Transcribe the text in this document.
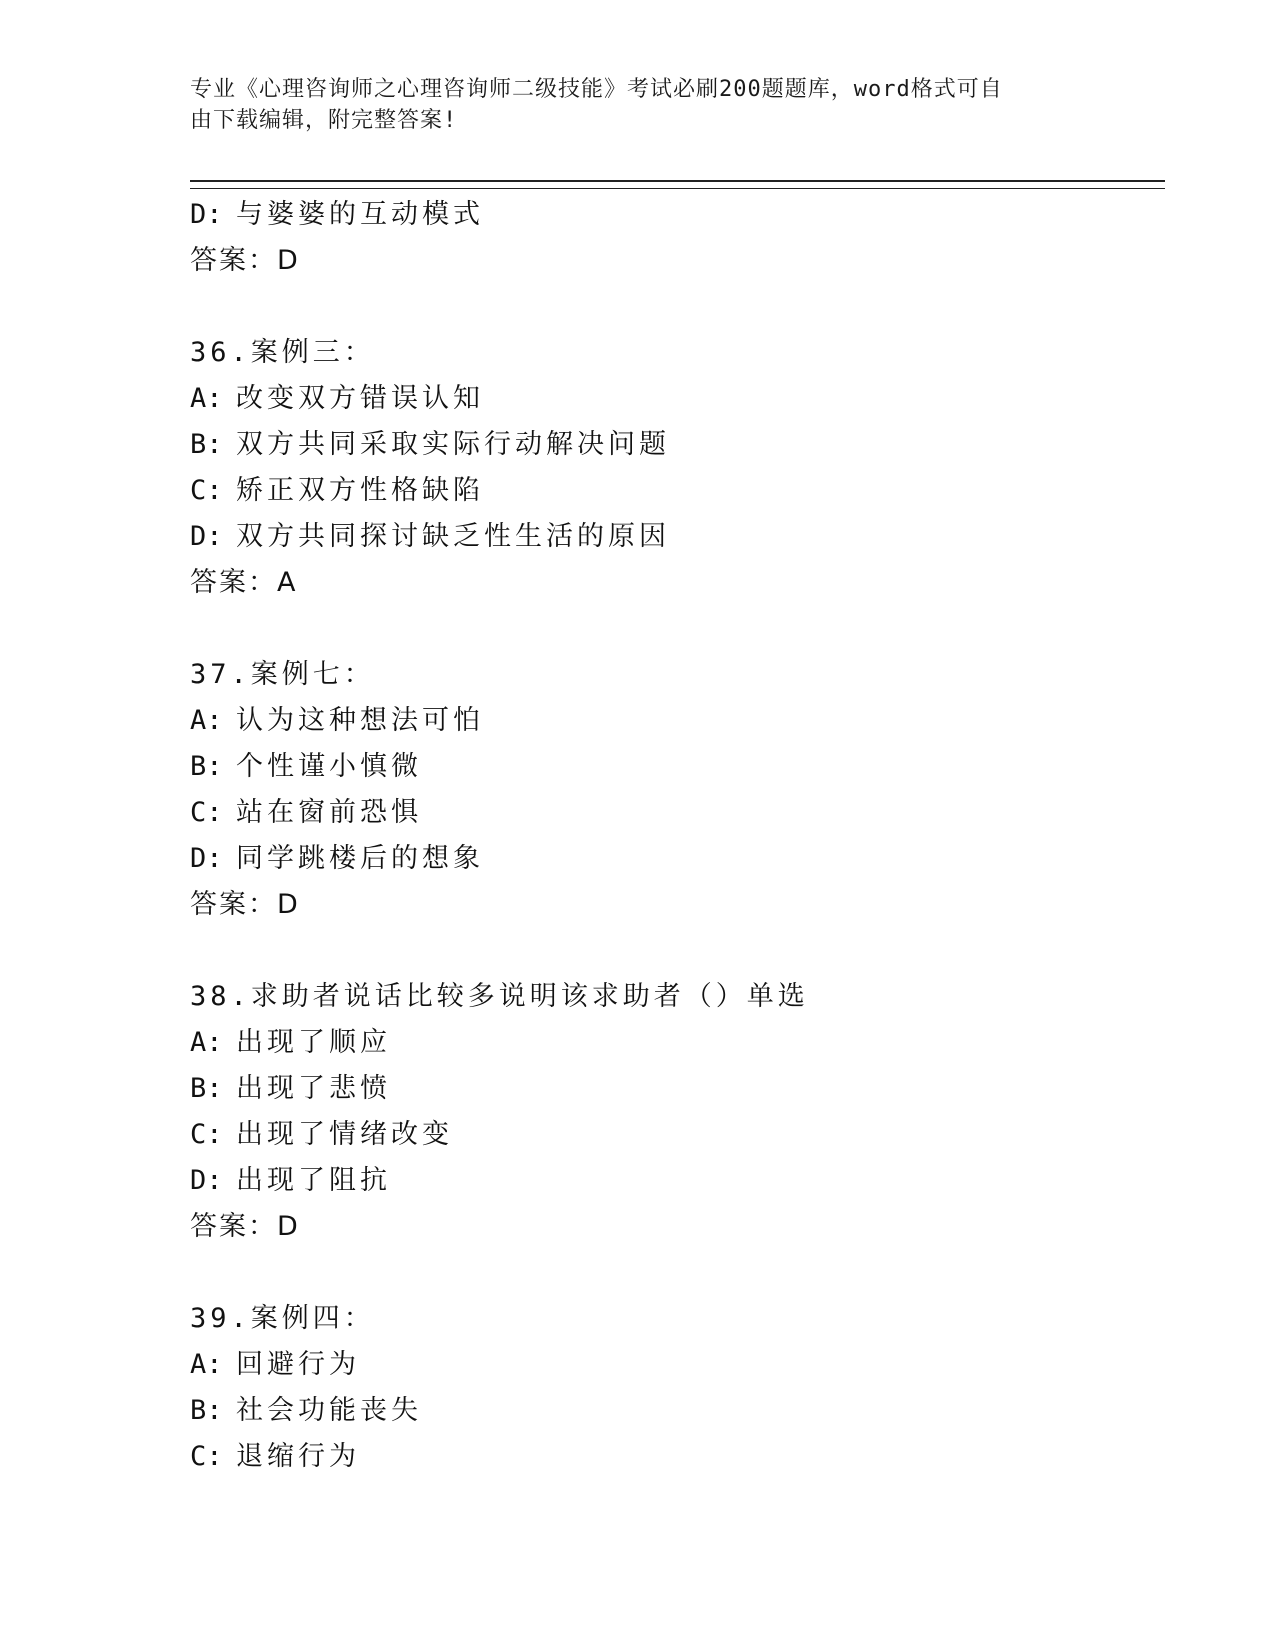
专业《心理咨询师之心理咨询师二级技能》考试必刷200题题库，word格式可自
由下载编辑，附完整答案!
D: 与婆婆的互动模式
答案：D
36.案例三：
A: 改变双方错误认知
B: 双方共同采取实际行动解决问题
C: 矫正双方性格缺陷
D: 双方共同探讨缺乏性生活的原因
答案：A
37.案例七：
A: 认为这种想法可怕
B: 个性谨小慎微
C: 站在窗前恐惧
D: 同学跳楼后的想象
答案：D
38.求助者说话比较多说明该求助者（）单选
A: 出现了顺应
B: 出现了悲愤
C: 出现了情绪改变
D: 出现了阻抗
答案：D
39.案例四：
A: 回避行为
B: 社会功能丧失
C: 退缩行为
